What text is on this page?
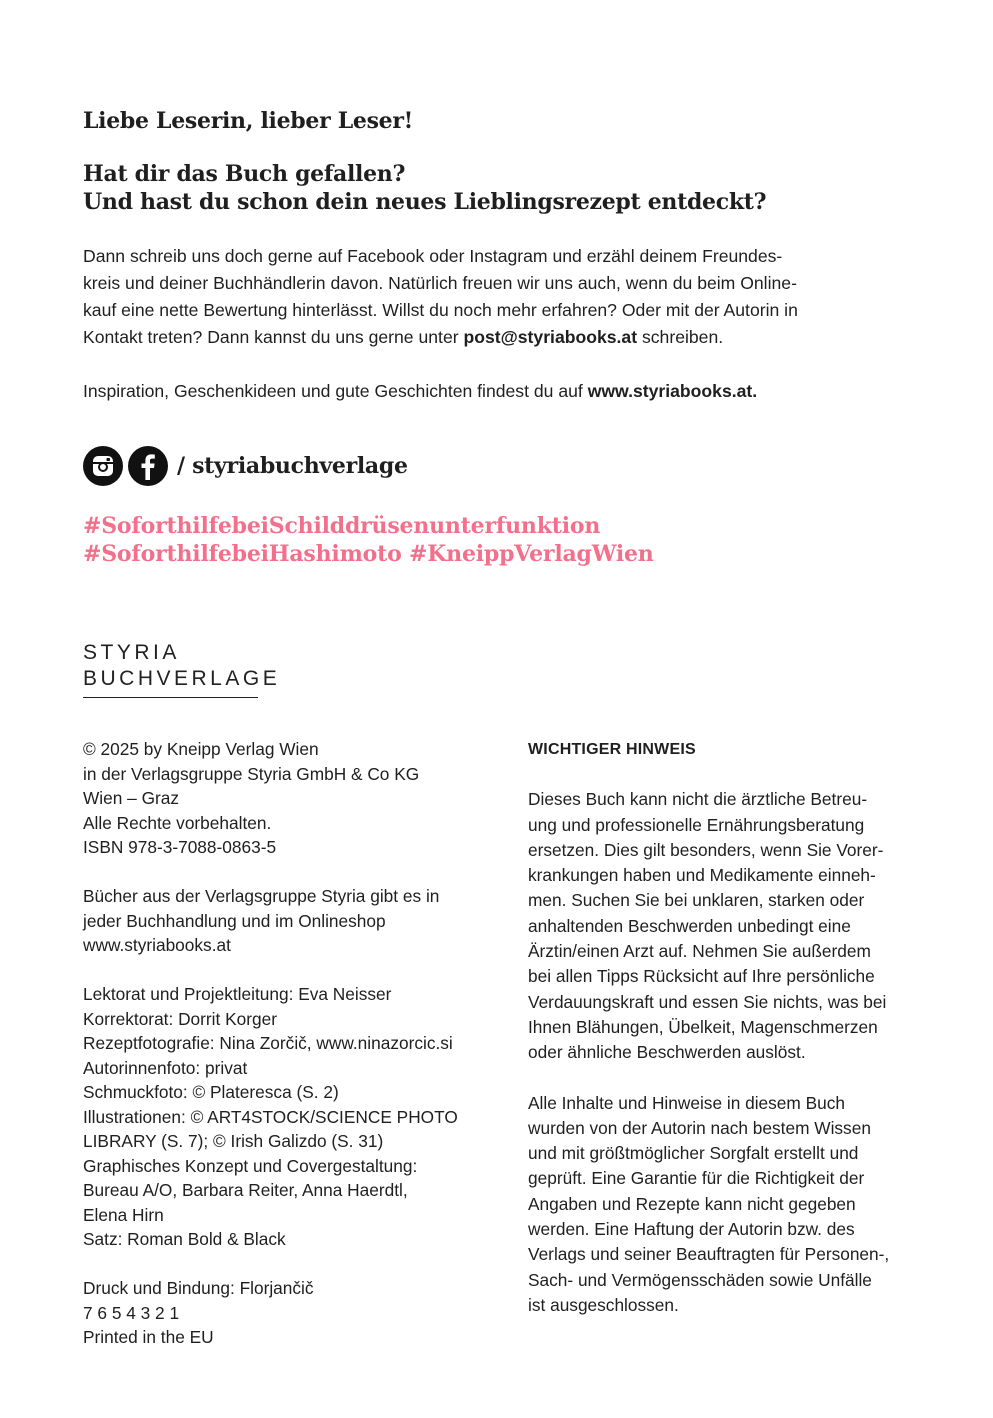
Liebe Leserin, lieber Leser!
Hat dir das Buch gefallen?
Und hast du schon dein neues Lieblingsrezept entdeckt?

Dann schreib uns doch gerne auf Facebook oder Instagram und erzähl deinem Freundes-
kreis und deiner Buchhändlerin davon. Natürlich freuen wir uns auch, wenn du beim Online-
kauf eine nette Bewertung hinterlässt. Willst du noch mehr erfahren? Oder mit der Autorin in
Kontakt treten? Dann kannst du uns gerne unter post@styriabooks.at schreiben.

Inspiration, Geschenkideen und gute Geschichten findest du auf www.styriabooks.at.

/ styriabuchverlage

#SoforthilfebeiSchilddrüsenunterfunktion
#SoforthilfebeiHashimoto #KneippVerlagWien

STYRIA
BUCHVERLAGE
© 2025 by Kneipp Verlag Wien
in der Verlagsgruppe Styria GmbH & Co KG
Wien – Graz
Alle Rechte vorbehalten.
ISBN 978-3-7088-0863-5
Bücher aus der Verlagsgruppe Styria gibt es in
jeder Buchhandlung und im Onlineshop
www.styriabooks.at
Lektorat und Projektleitung: Eva Neisser
Korrektorat: Dorrit Korger
Rezeptfotografie: Nina Zorčič, www.ninazorcic.si
Autorinnenfoto: privat
Schmuckfoto: © Plateresca (S. 2)
Illustrationen: © ART4STOCK/SCIENCE PHOTO
LIBRARY (S. 7); © Irish Galizdo (S. 31)
Graphisches Konzept und Covergestaltung:
Bureau A/O, Barbara Reiter, Anna Haerdtl,
Elena Hirn
Satz: Roman Bold & Black
Druck und Bindung: Florjančič
7 6 5 4 3 2 1
Printed in the EU
WICHTIGER HINWEIS
Dieses Buch kann nicht die ärztliche Betreu-
ung und professionelle Ernährungsberatung
ersetzen. Dies gilt besonders, wenn Sie Vorer-
krankungen haben und Medikamente einneh-
men. Suchen Sie bei unklaren, starken oder
anhaltenden Beschwerden unbedingt eine
Ärztin/einen Arzt auf. Nehmen Sie außerdem
bei allen Tipps Rücksicht auf Ihre persönliche
Verdauungskraft und essen Sie nichts, was bei
Ihnen Blähungen, Übelkeit, Magenschmerzen
oder ähnliche Beschwerden auslöst.
Alle Inhalte und Hinweise in diesem Buch
wurden von der Autorin nach bestem Wissen
und mit größtmöglicher Sorgfalt erstellt und
geprüft. Eine Garantie für die Richtigkeit der
Angaben und Rezepte kann nicht gegeben
werden. Eine Haftung der Autorin bzw. des
Verlags und seiner Beauftragten für Personen-,
Sach- und Vermögensschäden sowie Unfälle
ist ausgeschlossen.
